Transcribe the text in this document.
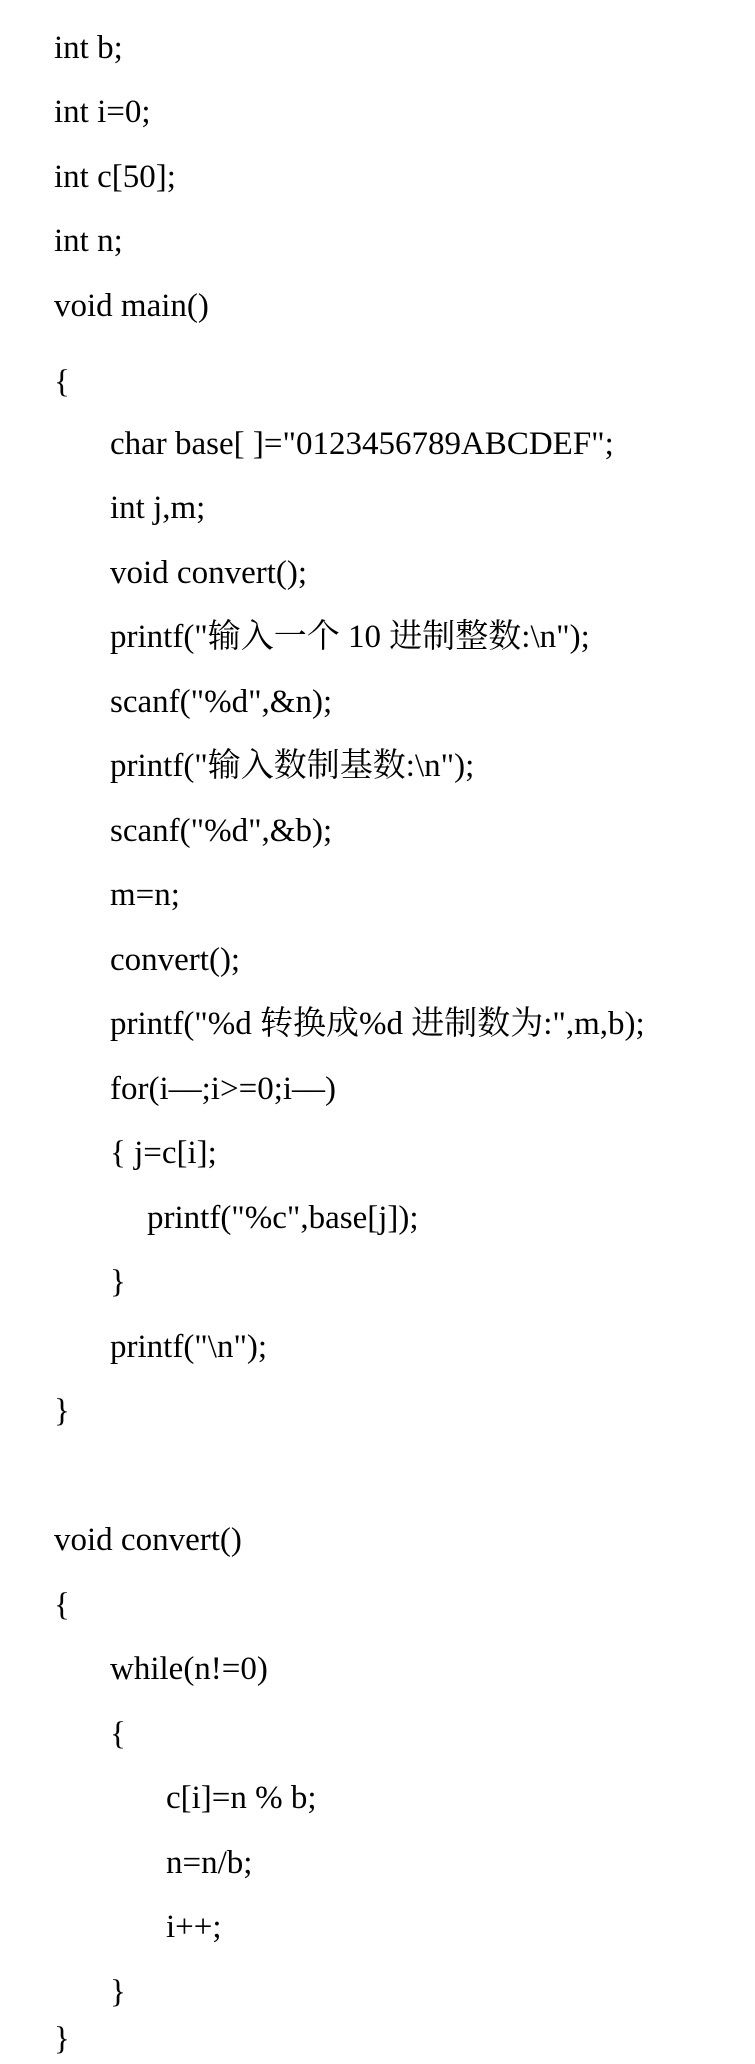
int b;
int i=0;
int c[50];
int n;
void main()
{
char base[ ]="0123456789ABCDEF";
int j,m;
void convert();
printf("输入一个 10 进制整数:\n");
scanf("%d",&n);
printf("输入数制基数:\n");
scanf("%d",&b);
m=n;
convert();
printf("%d 转换成%d 进制数为:",m,b);
for(i––;i>=0;i––)
{ j=c[i];
printf("%c",base[j]);
}
printf("\n");
}
void convert()
{
while(n!=0)
{
c[i]=n % b;
n=n/b;
i++;
}
}
